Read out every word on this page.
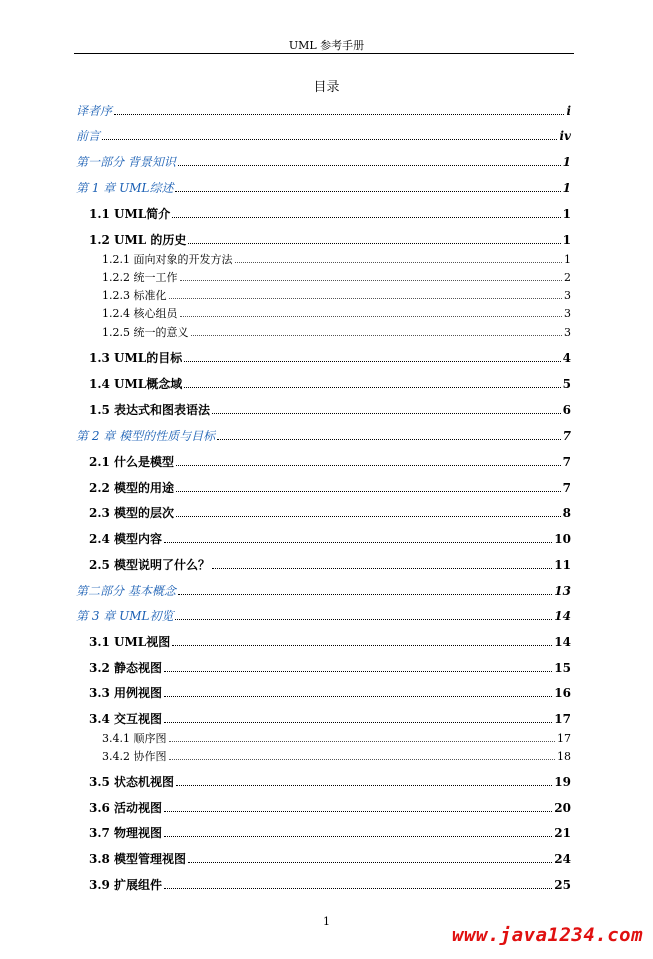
UML 参考手册
目录
译者序	i
前言	iv
第一部分 背景知识	1
第 1 章 UML综述	1
1.1 UML简介	1
1.2 UML 的历史	1
1.2.1 面向对象的开发方法	1
1.2.2 统一工作	2
1.2.3 标准化	3
1.2.4 核心组员	3
1.2.5 统一的意义	3
1.3 UML的目标	4
1.4 UML概念域	5
1.5 表达式和图表语法	6
第 2 章 模型的性质与目标	7
2.1 什么是模型	7
2.2 模型的用途	7
2.3 模型的层次	8
2.4 模型内容	10
2.5 模型说明了什么？	11
第二部分 基本概念	13
第 3 章 UML初览	14
3.1 UML视图	14
3.2 静态视图	15
3.3 用例视图	16
3.4 交互视图	17
3.4.1 顺序图	17
3.4.2 协作图	18
3.5 状态机视图	19
3.6 活动视图	20
3.7 物理视图	21
3.8 模型管理视图	24
3.9 扩展组件	25
1
www.java1234.com
